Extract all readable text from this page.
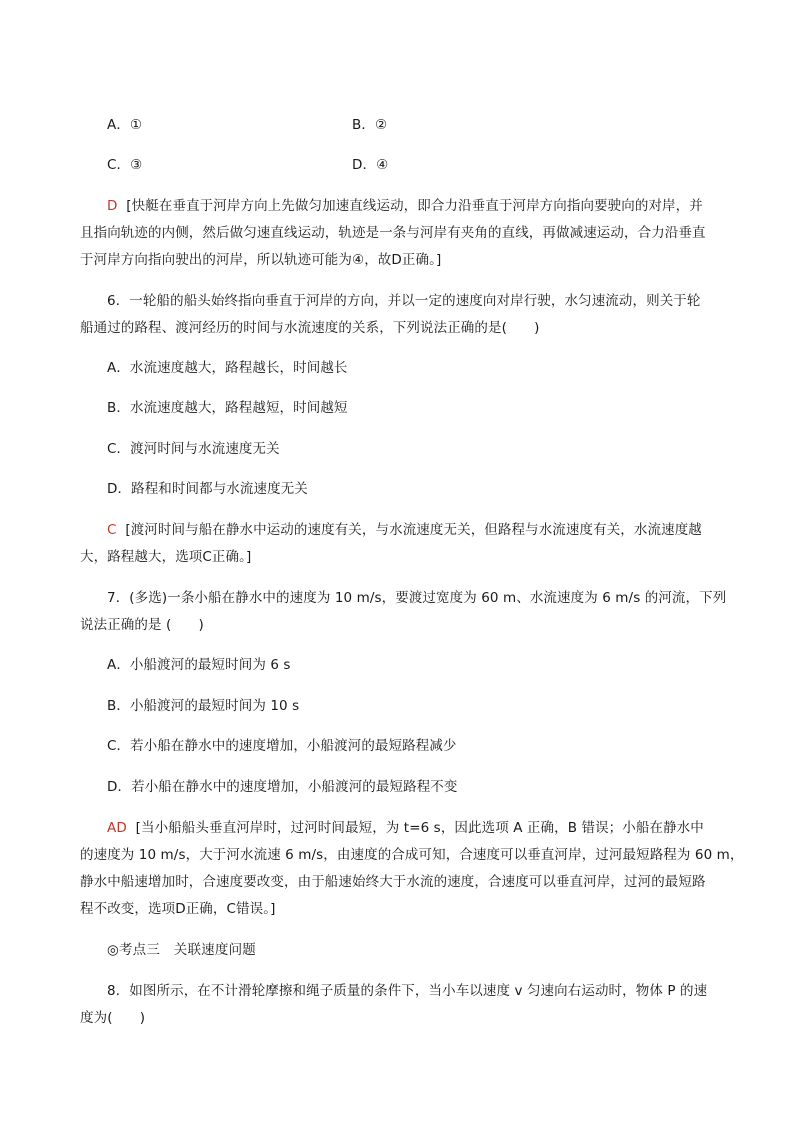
A．①	B．②
C．③	D．④
D [快艇在垂直于河岸方向上先做匀加速直线运动，即合力沿垂直于河岸方向指向要驶向的对岸，并
且指向轨迹的内侧，然后做匀速直线运动，轨迹是一条与河岸有夹角的直线，再做减速运动，合力沿垂直
于河岸方向指向驶出的河岸，所以轨迹可能为④，故D正确。]
6．一轮船的船头始终指向垂直于河岸的方向，并以一定的速度向对岸行驶，水匀速流动，则关于轮
船通过的路程、渡河经历的时间与水流速度的关系，下列说法正确的是(　　)
A．水流速度越大，路程越长，时间越长
B．水流速度越大，路程越短，时间越短
C．渡河时间与水流速度无关
D．路程和时间都与水流速度无关
C [渡河时间与船在静水中运动的速度有关，与水流速度无关，但路程与水流速度有关，水流速度越
大，路程越大，选项C正确。]
7．(多选)一条小船在静水中的速度为 10 m/s，要渡过宽度为 60 m、水流速度为 6 m/s 的河流，下列
说法正确的是 (　　)
A．小船渡河的最短时间为 6 s
B．小船渡河的最短时间为 10 s
C．若小船在静水中的速度增加，小船渡河的最短路程减少
D．若小船在静水中的速度增加，小船渡河的最短路程不变
AD [当小船船头垂直河岸时，过河时间最短，为 t=6 s，因此选项 A 正确，B 错误；小船在静水中
的速度为 10 m/s，大于河水流速 6 m/s，由速度的合成可知，合速度可以垂直河岸，过河最短路程为 60 m，
静水中船速增加时，合速度要改变，由于船速始终大于水流的速度，合速度可以垂直河岸，过河的最短路
程不改变，选项D正确，C错误。]
◎考点三　关联速度问题
8．如图所示，在不计滑轮摩擦和绳子质量的条件下，当小车以速度 v 匀速向右运动时，物体 P 的速
度为(　　)
